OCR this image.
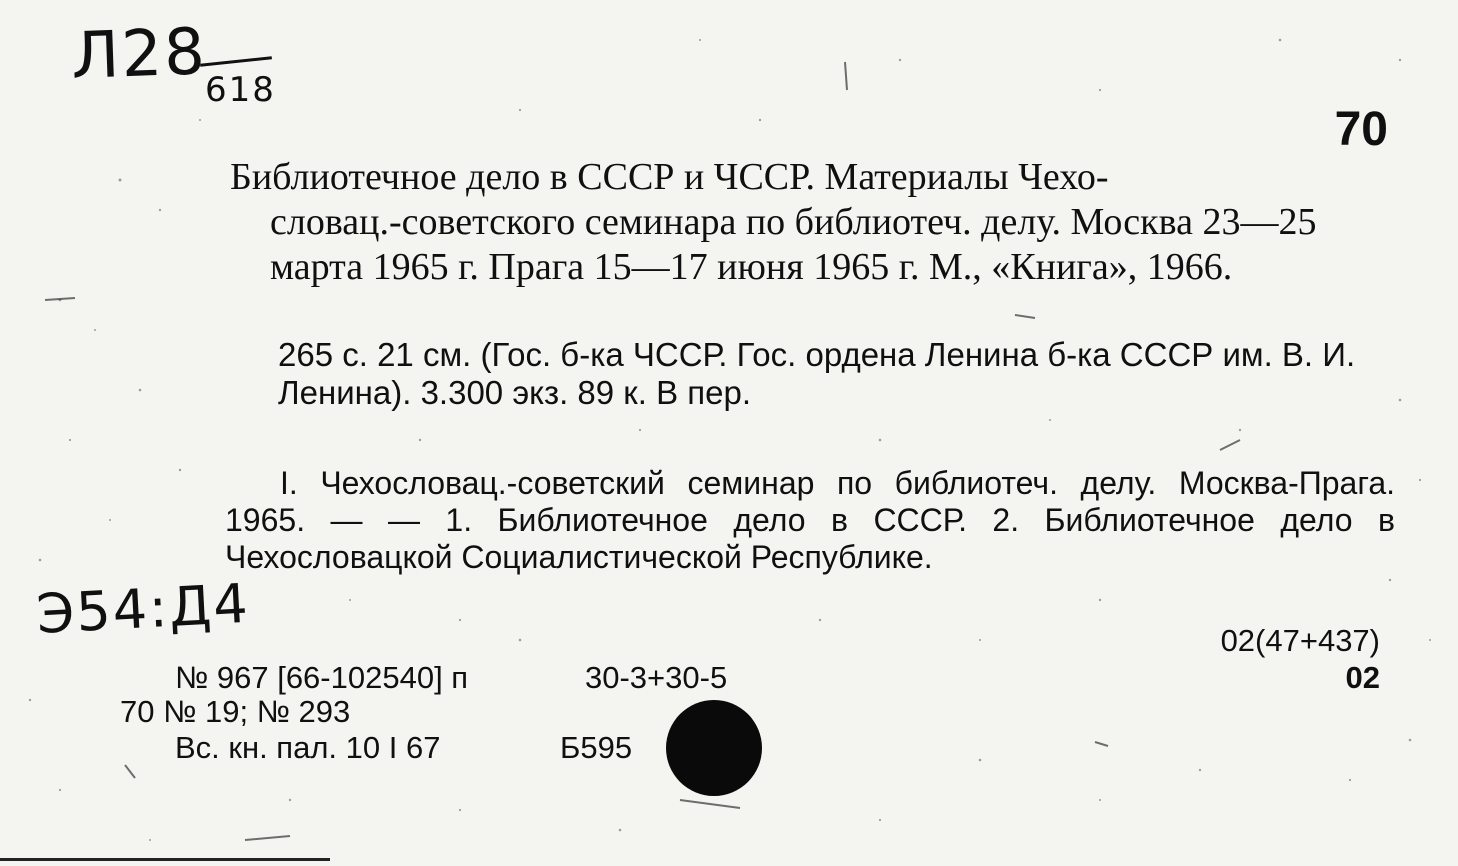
Л28
618
70
Библиотечное дело в СССР и ЧССР. Материалы Чехо-
словац.-советского семинара по библиотеч. делу. Москва 23—25 марта 1965 г. Прага 15—17 июня 1965 г. М., «Книга», 1966.
265 с. 21 см. (Гос. б-ка ЧССР. Гос. ордена Ленина б-ка СССР им. В. И. Ленина). 3.300 экз. 89 к. В пер.
I. Чехословац.-советский семинар по библиотеч. делу. Москва-Прага. 1965. — — 1. Библиотечное дело в СССР. 2. Библиотечное дело в Чехословацкой Социалистической Республике.
Э54:Д4	02(47+437)
02
№ 967 [66-102540] п	30-3+30-5
70 № 19; № 293
Вс. кн. пал. 10 I 67	Б595
